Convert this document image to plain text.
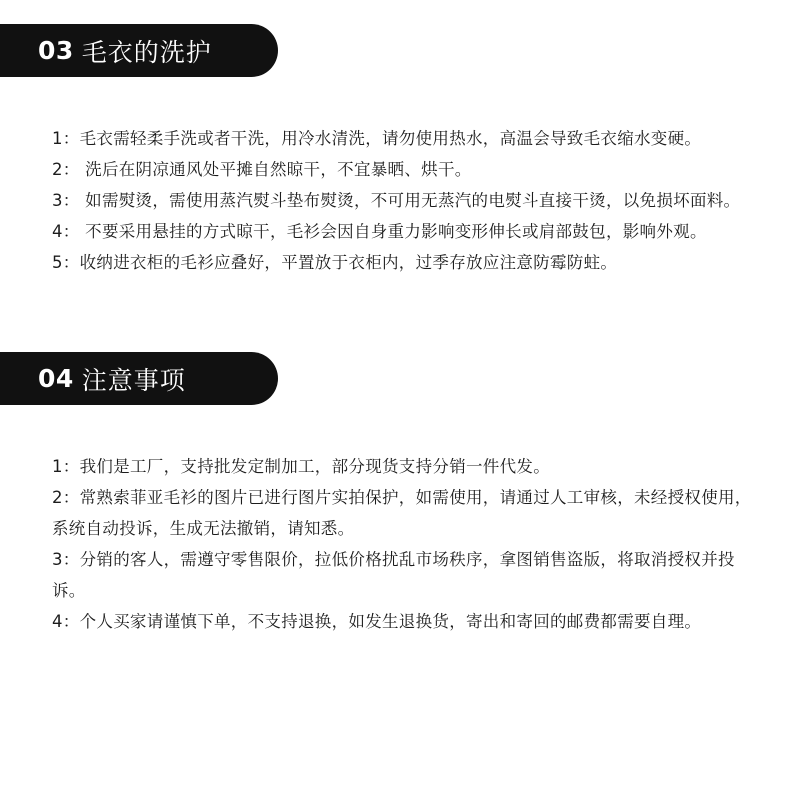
03 毛衣的洗护
1：毛衣需轻柔手洗或者干洗，用冷水清洗，请勿使用热水，高温会导致毛衣缩水变硬。
2： 洗后在阴凉通风处平摊自然晾干，不宜暴晒、烘干。
3： 如需熨烫，需使用蒸汽熨斗垫布熨烫，不可用无蒸汽的电熨斗直接干烫，以免损坏面料。
4： 不要采用悬挂的方式晾干，毛衫会因自身重力影响变形伸长或肩部鼓包，影响外观。
5：收纳进衣柜的毛衫应叠好，平置放于衣柜内，过季存放应注意防霉防蛀。
04 注意事项
1：我们是工厂，支持批发定制加工，部分现货支持分销一件代发。
2：常熟索菲亚毛衫的图片已进行图片实拍保护，如需使用，请通过人工审核，未经授权使用，系统自动投诉，生成无法撤销，请知悉。
3：分销的客人，需遵守零售限价，拉低价格扰乱市场秩序，拿图销售盗版，将取消授权并投诉。
4：个人买家请谨慎下单，不支持退换，如发生退换货，寄出和寄回的邮费都需要自理。
